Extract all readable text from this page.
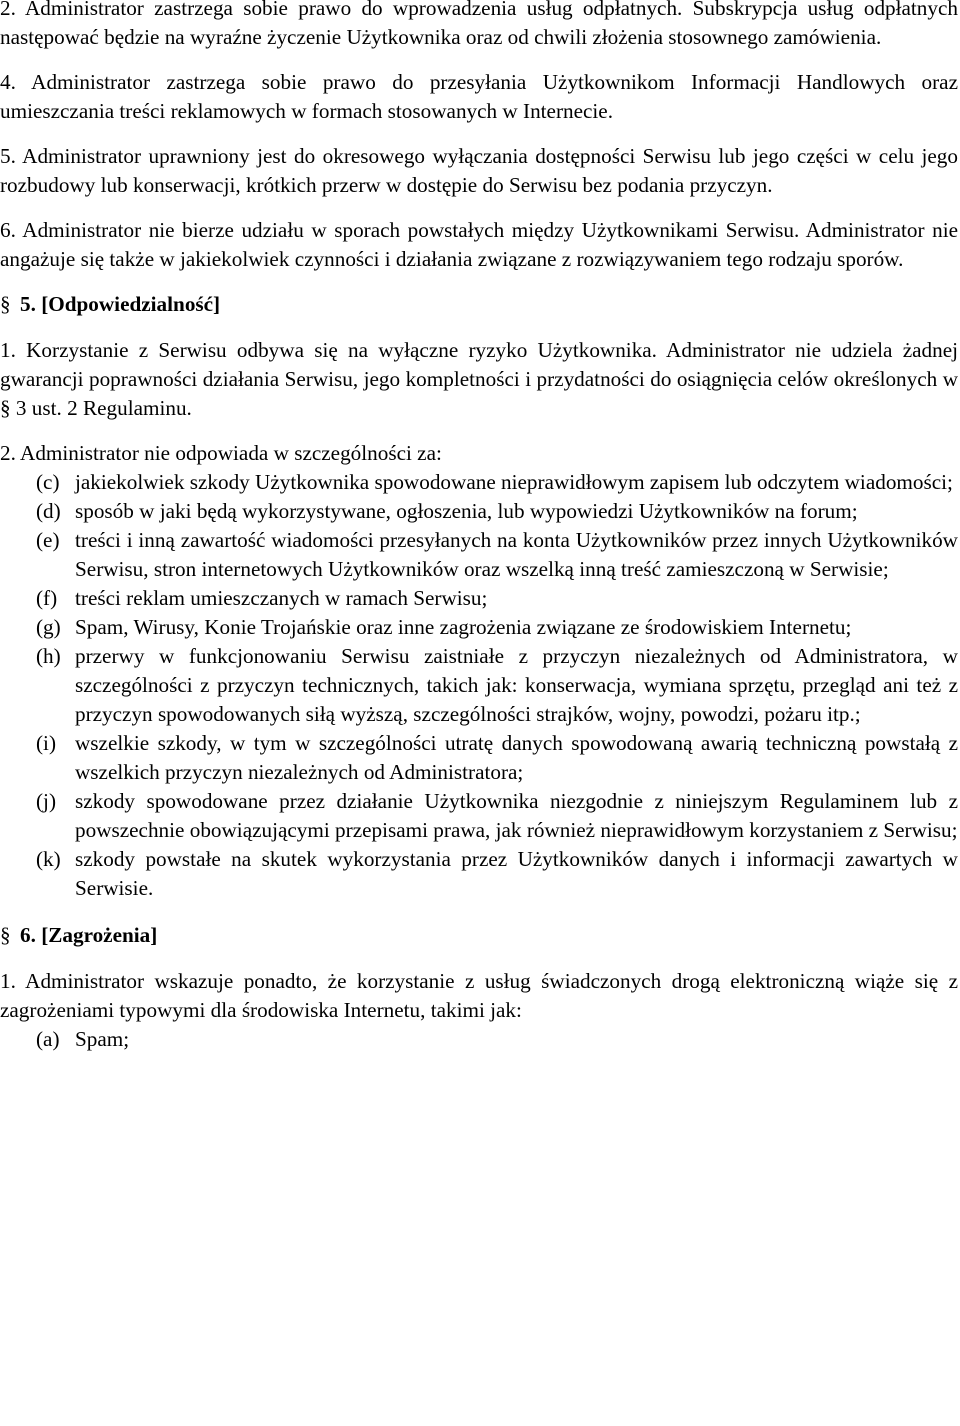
2. Administrator zastrzega sobie prawo do wprowadzenia usług odpłatnych. Subskrypcja usług odpłatnych następować będzie na wyraźne życzenie Użytkownika oraz od chwili złożenia stosownego zamówienia.

4. Administrator zastrzega sobie prawo do przesyłania Użytkownikom Informacji Handlowych oraz umieszczania treści reklamowych w formach stosowanych w Internecie.

5. Administrator uprawniony jest do okresowego wyłączania dostępności Serwisu lub jego części w celu jego rozbudowy lub konserwacji, krótkich przerw w dostępie do Serwisu bez podania przyczyn.

6. Administrator nie bierze udziału w sporach powstałych między Użytkownikami Serwisu. Administrator nie angażuje się także w jakiekolwiek czynności i działania związane z rozwiązywaniem tego rodzaju sporów.

§ 5. [Odpowiedzialność]

1. Korzystanie z Serwisu odbywa się na wyłączne ryzyko Użytkownika. Administrator nie udziela żadnej gwarancji poprawności działania Serwisu, jego kompletności i przydatności do osiągnięcia celów określonych w § 3 ust. 2 Regulaminu.

2. Administrator nie odpowiada w szczególności za:

(c) jakiekolwiek szkody Użytkownika spowodowane nieprawidłowym zapisem lub odczytem wiadomości;
(d) sposób w jaki będą wykorzystywane, ogłoszenia, lub wypowiedzi Użytkowników na forum;
(e) treści i inną zawartość wiadomości przesyłanych na konta Użytkowników przez innych Użytkowników Serwisu, stron internetowych Użytkowników oraz wszelką inną treść zamieszczoną w Serwisie;
(f) treści reklam umieszczanych w ramach Serwisu;
(g) Spam, Wirusy, Konie Trojańskie oraz inne zagrożenia związane ze środowiskiem Internetu;
(h) przerwy w funkcjonowaniu Serwisu zaistniałe z przyczyn niezależnych od Administratora, w szczególności z przyczyn technicznych, takich jak: konserwacja, wymiana sprzętu, przegląd ani też z przyczyn spowodowanych siłą wyższą, szczególności strajków, wojny, powodzi, pożaru itp.;
(i) wszelkie szkody, w tym w szczególności utratę danych spowodowaną awarią techniczną powstałą z wszelkich przyczyn niezależnych od Administratora;
(j) szkody spowodowane przez działanie Użytkownika niezgodnie z niniejszym Regulaminem lub z powszechnie obowiązującymi przepisami prawa, jak również nieprawidłowym korzystaniem z Serwisu;
(k) szkody powstałe na skutek wykorzystania przez Użytkowników danych i informacji zawartych w Serwisie.
§ 6. [Zagrożenia]

1. Administrator wskazuje ponadto, że korzystanie z usług świadczonych drogą elektroniczną wiąże się z zagrożeniami typowymi dla środowiska Internetu, takimi jak:

(a) Spam;
